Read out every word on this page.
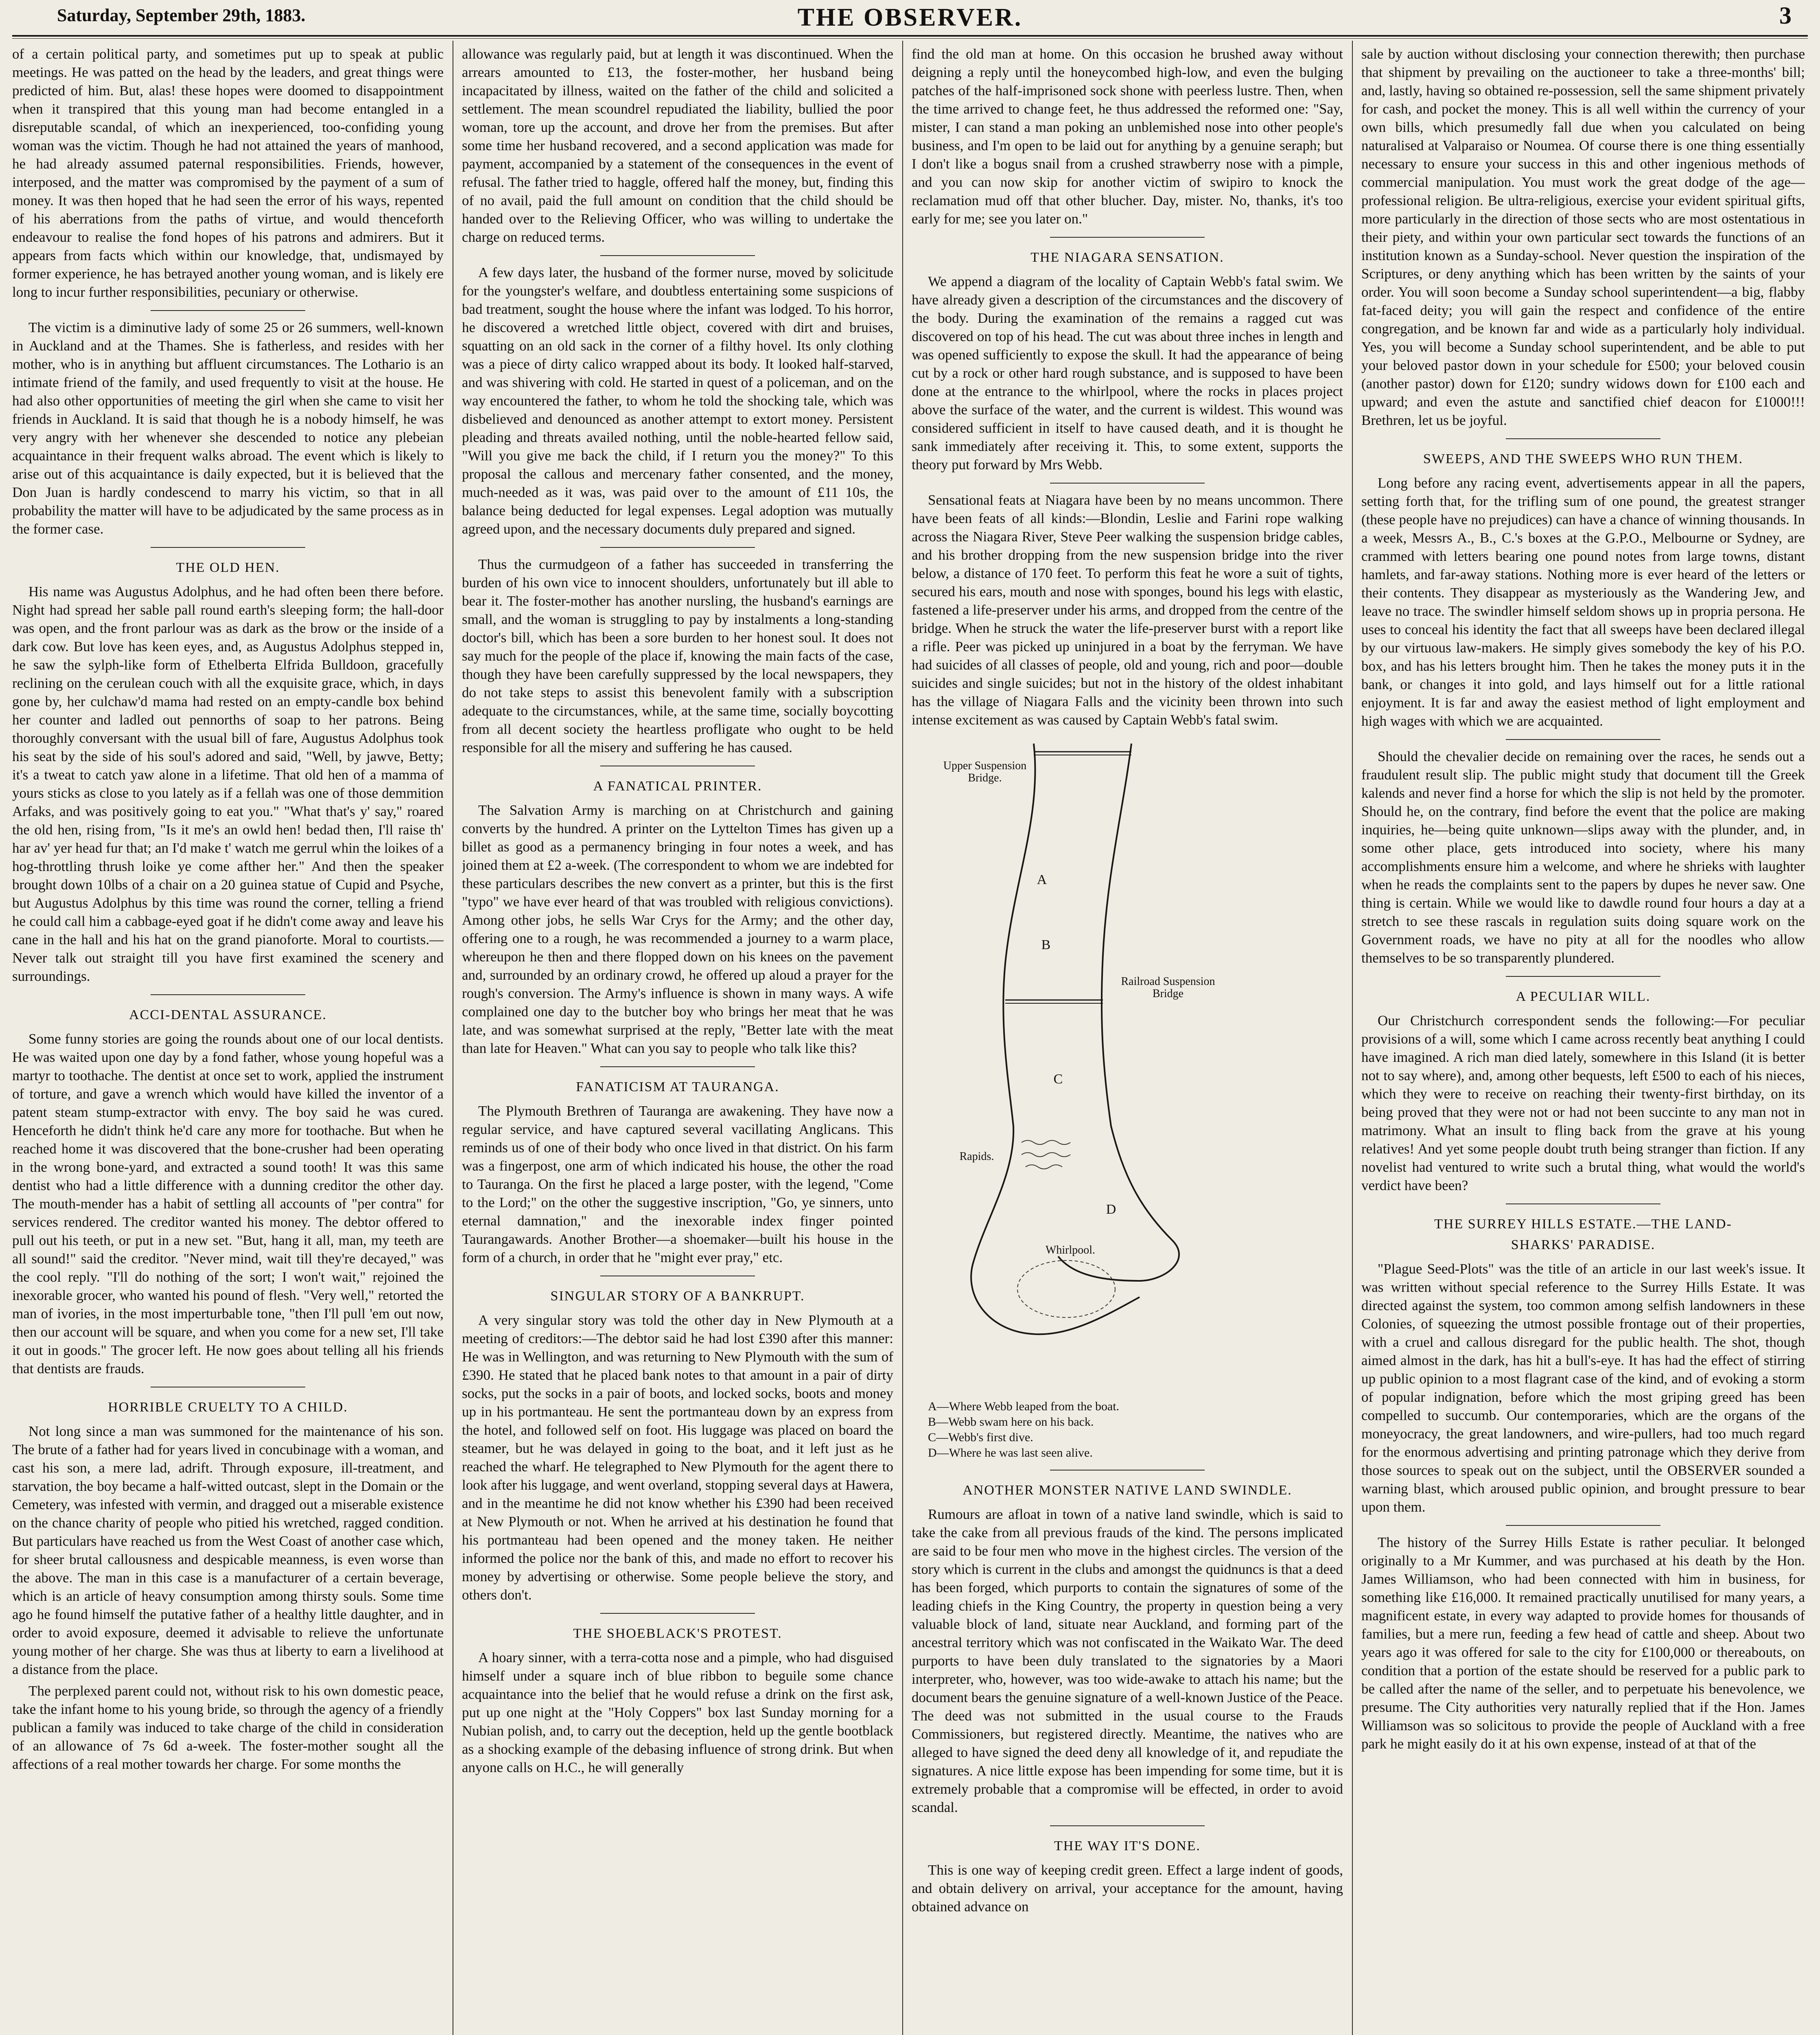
Saturday, September 29th, 1883.	THE OBSERVER.	3

of a certain political party, and sometimes put up to speak at public meetings. He was patted on the head by the leaders, and great things were predicted of him. But, alas! these hopes were doomed to disappointment when it transpired that this young man had become entangled in a disreputable scandal, of which an inexperienced, too-confiding young woman was the victim. Though he had not attained the years of manhood, he had already assumed paternal responsibilities. Friends, however, interposed, and the matter was compromised by the payment of a sum of money. It was then hoped that he had seen the error of his ways, repented of his aberrations from the paths of virtue, and would thenceforth endeavour to realise the fond hopes of his patrons and admirers. But it appears from facts which within our knowledge, that, undismayed by former experience, he has betrayed another young woman, and is likely ere long to incur further responsibilities, pecuniary or otherwise.

The victim is a diminutive lady of some 25 or 26 summers, well-known in Auckland and at the Thames. She is fatherless, and resides with her mother, who is in anything but affluent circumstances. The Lothario is an intimate friend of the family, and used frequently to visit at the house. He had also other opportunities of meeting the girl when she came to visit her friends in Auckland. It is said that though he is a nobody himself, he was very angry with her whenever she descended to notice any plebeian acquaintance in their frequent walks abroad. The event which is likely to arise out of this acquaintance is daily expected, but it is believed that the Don Juan is hardly condescend to marry his victim, so that in all probability the matter will have to be adjudicated by the same process as in the former case.

THE OLD HEN.

His name was Augustus Adolphus, and he had often been there before. Night had spread her sable pall round earth's sleeping form; the hall-door was open, and the front parlour was as dark as the brow or the inside of a dark cow. But love has keen eyes, and, as Augustus Adolphus stepped in, he saw the sylph-like form of Ethelberta Elfrida Bulldoon, gracefully reclining on the cerulean couch with all the exquisite grace, which, in days gone by, her culchaw'd mama had rested on an empty-candle box behind her counter and ladled out pennorths of soap to her patrons. Being thoroughly conversant with the usual bill of fare, Augustus Adolphus took his seat by the side of his soul's adored and said, "Well, by jawve, Betty; it's a tweat to catch yaw alone in a lifetime. That old hen of a mamma of yours sticks as close to you lately as if a fellah was one of those demmition Arfaks, and was positively going to eat you." "What that's y' say," roared the old hen, rising from, "Is it me's an owld hen! bedad then, I'll raise th' har av' yer head fur that; an I'd make t' watch me gerrul whin the loikes of a hog-throttling thrush loike ye come afther her." And then the speaker brought down 10lbs of a chair on a 20 guinea statue of Cupid and Psyche, but Augustus Adolphus by this time was round the corner, telling a friend he could call him a cabbage-eyed goat if he didn't come away and leave his cane in the hall and his hat on the grand pianoforte. Moral to courtists.—Never talk out straight till you have first examined the scenery and surroundings.

ACCI-DENTAL ASSURANCE.

Some funny stories are going the rounds about one of our local dentists. He was waited upon one day by a fond father, whose young hopeful was a martyr to toothache. The dentist at once set to work, applied the instrument of torture, and gave a wrench which would have killed the inventor of a patent steam stump-extractor with envy. The boy said he was cured. Henceforth he didn't think he'd care any more for toothache. But when he reached home it was discovered that the bone-crusher had been operating in the wrong bone-yard, and extracted a sound tooth! It was this same dentist who had a little difference with a dunning creditor the other day. The mouth-mender has a habit of settling all accounts of "per contra" for services rendered. The creditor wanted his money. The debtor offered to pull out his teeth, or put in a new set. "But, hang it all, man, my teeth are all sound!" said the creditor. "Never mind, wait till they're decayed," was the cool reply. "I'll do nothing of the sort; I won't wait," rejoined the inexorable grocer, who wanted his pound of flesh. "Very well," retorted the man of ivories, in the most imperturbable tone, "then I'll pull 'em out now, then our account will be square, and when you come for a new set, I'll take it out in goods." The grocer left. He now goes about telling all his friends that dentists are frauds.

HORRIBLE CRUELTY TO A CHILD.

Not long since a man was summoned for the maintenance of his son. The brute of a father had for years lived in concubinage with a woman, and cast his son, a mere lad, adrift. Through exposure, ill-treatment, and starvation, the boy became a half-witted outcast, slept in the Domain or the Cemetery, was infested with vermin, and dragged out a miserable existence on the chance charity of people who pitied his wretched, ragged condition. But particulars have reached us from the West Coast of another case which, for sheer brutal callousness and despicable meanness, is even worse than the above. The man in this case is a manufacturer of a certain beverage, which is an article of heavy consumption among thirsty souls. Some time ago he found himself the putative father of a healthy little daughter, and in order to avoid exposure, deemed it advisable to relieve the unfortunate young mother of her charge. She was thus at liberty to earn a livelihood at a distance from the place.

The perplexed parent could not, without risk to his own domestic peace, take the infant home to his young bride, so through the agency of a friendly publican a family was induced to take charge of the child in consideration of an allowance of 7s 6d a-week. The foster-mother sought all the affections of a real mother towards her charge. For some months the

allowance was regularly paid, but at length it was discontinued. When the arrears amounted to £13, the foster-mother, her husband being incapacitated by illness, waited on the father of the child and solicited a settlement. The mean scoundrel repudiated the liability, bullied the poor woman, tore up the account, and drove her from the premises. But after some time her husband recovered, and a second application was made for payment, accompanied by a statement of the consequences in the event of refusal. The father tried to haggle, offered half the money, but, finding this of no avail, paid the full amount on condition that the child should be handed over to the Relieving Officer, who was willing to undertake the charge on reduced terms.

A few days later, the husband of the former nurse, moved by solicitude for the youngster's welfare, and doubtless entertaining some suspicions of bad treatment, sought the house where the infant was lodged. To his horror, he discovered a wretched little object, covered with dirt and bruises, squatting on an old sack in the corner of a filthy hovel. Its only clothing was a piece of dirty calico wrapped about its body. It looked half-starved, and was shivering with cold. He started in quest of a policeman, and on the way encountered the father, to whom he told the shocking tale, which was disbelieved and denounced as another attempt to extort money. Persistent pleading and threats availed nothing, until the noble-hearted fellow said, "Will you give me back the child, if I return you the money?" To this proposal the callous and mercenary father consented, and the money, much-needed as it was, was paid over to the amount of £11 10s, the balance being deducted for legal expenses. Legal adoption was mutually agreed upon, and the necessary documents duly prepared and signed.

Thus the curmudgeon of a father has succeeded in transferring the burden of his own vice to innocent shoulders, unfortunately but ill able to bear it. The foster-mother has another nursling, the husband's earnings are small, and the woman is struggling to pay by instalments a long-standing doctor's bill, which has been a sore burden to her honest soul. It does not say much for the people of the place if, knowing the main facts of the case, though they have been carefully suppressed by the local newspapers, they do not take steps to assist this benevolent family with a subscription adequate to the circumstances, while, at the same time, socially boycotting from all decent society the heartless profligate who ought to be held responsible for all the misery and suffering he has caused.

A FANATICAL PRINTER.

The Salvation Army is marching on at Christchurch and gaining converts by the hundred. A printer on the Lyttelton Times has given up a billet as good as a permanency bringing in four notes a week, and has joined them at £2 a-week. (The correspondent to whom we are indebted for these particulars describes the new convert as a printer, but this is the first "typo" we have ever heard of that was troubled with religious convictions). Among other jobs, he sells War Crys for the Army; and the other day, offering one to a rough, he was recommended a journey to a warm place, whereupon he then and there flopped down on his knees on the pavement and, surrounded by an ordinary crowd, he offered up aloud a prayer for the rough's conversion. The Army's influence is shown in many ways. A wife complained one day to the butcher boy who brings her meat that he was late, and was somewhat surprised at the reply, "Better late with the meat than late for Heaven." What can you say to people who talk like this?

FANATICISM AT TAURANGA.

The Plymouth Brethren of Tauranga are awakening. They have now a regular service, and have captured several vacillating Anglicans. This reminds us of one of their body who once lived in that district. On his farm was a fingerpost, one arm of which indicated his house, the other the road to Tauranga. On the first he placed a large poster, with the legend, "Come to the Lord;" on the other the suggestive inscription, "Go, ye sinners, unto eternal damnation," and the inexorable index finger pointed Taurangawards. Another Brother—a shoemaker—built his house in the form of a church, in order that he "might ever pray," etc.

SINGULAR STORY OF A BANKRUPT.

A very singular story was told the other day in New Plymouth at a meeting of creditors:—The debtor said he had lost £390 after this manner: He was in Wellington, and was returning to New Plymouth with the sum of £390. He stated that he placed bank notes to that amount in a pair of dirty socks, put the socks in a pair of boots, and locked socks, boots and money up in his portmanteau. He sent the portmanteau down by an express from the hotel, and followed self on foot. His luggage was placed on board the steamer, but he was delayed in going to the boat, and it left just as he reached the wharf. He telegraphed to New Plymouth for the agent there to look after his luggage, and went overland, stopping several days at Hawera, and in the meantime he did not know whether his £390 had been received at New Plymouth or not. When he arrived at his destination he found that his portmanteau had been opened and the money taken. He neither informed the police nor the bank of this, and made no effort to recover his money by advertising or otherwise. Some people believe the story, and others don't.

THE SHOEBLACK'S PROTEST.

A hoary sinner, with a terra-cotta nose and a pimple, who had disguised himself under a square inch of blue ribbon to beguile some chance acquaintance into the belief that he would refuse a drink on the first ask, put up one night at the "Holy Coppers" box last Sunday morning for a Nubian polish, and, to carry out the deception, held up the gentle bootblack as a shocking example of the debasing influence of strong drink. But when anyone calls on H.C., he will generally

find the old man at home. On this occasion he brushed away without deigning a reply until the honeycombed high-low, and even the bulging patches of the half-imprisoned sock shone with peerless lustre. Then, when the time arrived to change feet, he thus addressed the reformed one: "Say, mister, I can stand a man poking an unblemished nose into other people's business, and I'm open to be laid out for anything by a genuine seraph; but I don't like a bogus snail from a crushed strawberry nose with a pimple, and you can now skip for another victim of swipiro to knock the reclamation mud off that other blucher. Day, mister. No, thanks, it's too early for me; see you later on."

THE NIAGARA SENSATION.

We append a diagram of the locality of Captain Webb's fatal swim. We have already given a description of the circumstances and the discovery of the body. During the examination of the remains a ragged cut was discovered on top of his head. The cut was about three inches in length and was opened sufficiently to expose the skull. It had the appearance of being cut by a rock or other hard rough substance, and is supposed to have been done at the entrance to the whirlpool, where the rocks in places project above the surface of the water, and the current is wildest. This wound was considered sufficient in itself to have caused death, and it is thought he sank immediately after receiving it. This, to some extent, supports the theory put forward by Mrs Webb.

Sensational feats at Niagara have been by no means uncommon. There have been feats of all kinds:—Blondin, Leslie and Farini rope walking across the Niagara River, Steve Peer walking the suspension bridge cables, and his brother dropping from the new suspension bridge into the river below, a distance of 170 feet. To perform this feat he wore a suit of tights, secured his ears, mouth and nose with sponges, bound his legs with elastic, fastened a life-preserver under his arms, and dropped from the centre of the bridge. When he struck the water the life-preserver burst with a report like a rifle. Peer was picked up uninjured in a boat by the ferryman. We have had suicides of all classes of people, old and young, rich and poor—double suicides and single suicides; but not in the history of the oldest inhabitant has the village of Niagara Falls and the vicinity been thrown into such intense excitement as was caused by Captain Webb's fatal swim.

Upper Suspension Bridge.
Railroad Suspension Bridge
A
B
C
D
Rapids.
Whirlpool.
A—Where Webb leaped from the boat.
B—Webb swam here on his back.
C—Webb's first dive.
D—Where he was last seen alive.
ANOTHER MONSTER NATIVE LAND SWINDLE.

Rumours are afloat in town of a native land swindle, which is said to take the cake from all previous frauds of the kind. The persons implicated are said to be four men who move in the highest circles. The version of the story which is current in the clubs and amongst the quidnuncs is that a deed has been forged, which purports to contain the signatures of some of the leading chiefs in the King Country, the property in question being a very valuable block of land, situate near Auckland, and forming part of the ancestral territory which was not confiscated in the Waikato War. The deed purports to have been duly translated to the signatories by a Maori interpreter, who, however, was too wide-awake to attach his name; but the document bears the genuine signature of a well-known Justice of the Peace. The deed was not submitted in the usual course to the Frauds Commissioners, but registered directly. Meantime, the natives who are alleged to have signed the deed deny all knowledge of it, and repudiate the signatures. A nice little expose has been impending for some time, but it is extremely probable that a compromise will be effected, in order to avoid scandal.

THE WAY IT'S DONE.

This is one way of keeping credit green. Effect a large indent of goods, and obtain delivery on arrival, your acceptance for the amount, having obtained advance on

sale by auction without disclosing your connection therewith; then purchase that shipment by prevailing on the auctioneer to take a three-months' bill; and, lastly, having so obtained re-possession, sell the same shipment privately for cash, and pocket the money. This is all well within the currency of your own bills, which presumedly fall due when you calculated on being naturalised at Valparaiso or Noumea. Of course there is one thing essentially necessary to ensure your success in this and other ingenious methods of commercial manipulation. You must work the great dodge of the age—professional religion. Be ultra-religious, exercise your evident spiritual gifts, more particularly in the direction of those sects who are most ostentatious in their piety, and within your own particular sect towards the functions of an institution known as a Sunday-school. Never question the inspiration of the Scriptures, or deny anything which has been written by the saints of your order. You will soon become a Sunday school superintendent—a big, flabby fat-faced deity; you will gain the respect and confidence of the entire congregation, and be known far and wide as a particularly holy individual. Yes, you will become a Sunday school superintendent, and be able to put your beloved pastor down in your schedule for £500; your beloved cousin (another pastor) down for £120; sundry widows down for £100 each and upward; and even the astute and sanctified chief deacon for £1000!!! Brethren, let us be joyful.

SWEEPS, AND THE SWEEPS WHO RUN THEM.

Long before any racing event, advertisements appear in all the papers, setting forth that, for the trifling sum of one pound, the greatest stranger (these people have no prejudices) can have a chance of winning thousands. In a week, Messrs A., B., C.'s boxes at the G.P.O., Melbourne or Sydney, are crammed with letters bearing one pound notes from large towns, distant hamlets, and far-away stations. Nothing more is ever heard of the letters or their contents. They disappear as mysteriously as the Wandering Jew, and leave no trace. The swindler himself seldom shows up in propria persona. He uses to conceal his identity the fact that all sweeps have been declared illegal by our virtuous law-makers. He simply gives somebody the key of his P.O. box, and has his letters brought him. Then he takes the money puts it in the bank, or changes it into gold, and lays himself out for a little rational enjoyment. It is far and away the easiest method of light employment and high wages with which we are acquainted.

Should the chevalier decide on remaining over the races, he sends out a fraudulent result slip. The public might study that document till the Greek kalends and never find a horse for which the slip is not held by the promoter. Should he, on the contrary, find before the event that the police are making inquiries, he—being quite unknown—slips away with the plunder, and, in some other place, gets introduced into society, where his many accomplishments ensure him a welcome, and where he shrieks with laughter when he reads the complaints sent to the papers by dupes he never saw. One thing is certain. While we would like to dawdle round four hours a day at a stretch to see these rascals in regulation suits doing square work on the Government roads, we have no pity at all for the noodles who allow themselves to be so transparently plundered.

A PECULIAR WILL.

Our Christchurch correspondent sends the following:—For peculiar provisions of a will, some which I came across recently beat anything I could have imagined. A rich man died lately, somewhere in this Island (it is better not to say where), and, among other bequests, left £500 to each of his nieces, which they were to receive on reaching their twenty-first birthday, on its being proved that they were not or had not been succinte to any man not in matrimony. What an insult to fling back from the grave at his young relatives! And yet some people doubt truth being stranger than fiction. If any novelist had ventured to write such a brutal thing, what would the world's verdict have been?

THE SURREY HILLS ESTATE.—THE LAND-
SHARKS' PARADISE.

"Plague Seed-Plots" was the title of an article in our last week's issue. It was written without special reference to the Surrey Hills Estate. It was directed against the system, too common among selfish landowners in these Colonies, of squeezing the utmost possible frontage out of their properties, with a cruel and callous disregard for the public health. The shot, though aimed almost in the dark, has hit a bull's-eye. It has had the effect of stirring up public opinion to a most flagrant case of the kind, and of evoking a storm of popular indignation, before which the most griping greed has been compelled to succumb. Our contemporaries, which are the organs of the moneyocracy, the great landowners, and wire-pullers, had too much regard for the enormous advertising and printing patronage which they derive from those sources to speak out on the subject, until the OBSERVER sounded a warning blast, which aroused public opinion, and brought pressure to bear upon them.

The history of the Surrey Hills Estate is rather peculiar. It belonged originally to a Mr Kummer, and was purchased at his death by the Hon. James Williamson, who had been connected with him in business, for something like £16,000. It remained practically unutilised for many years, a magnificent estate, in every way adapted to provide homes for thousands of families, but a mere run, feeding a few head of cattle and sheep. About two years ago it was offered for sale to the city for £100,000 or thereabouts, on condition that a portion of the estate should be reserved for a public park to be called after the name of the seller, and to perpetuate his benevolence, we presume. The City authorities very naturally replied that if the Hon. James Williamson was so solicitous to provide the people of Auckland with a free park he might easily do it at his own expense, instead of at that of the
